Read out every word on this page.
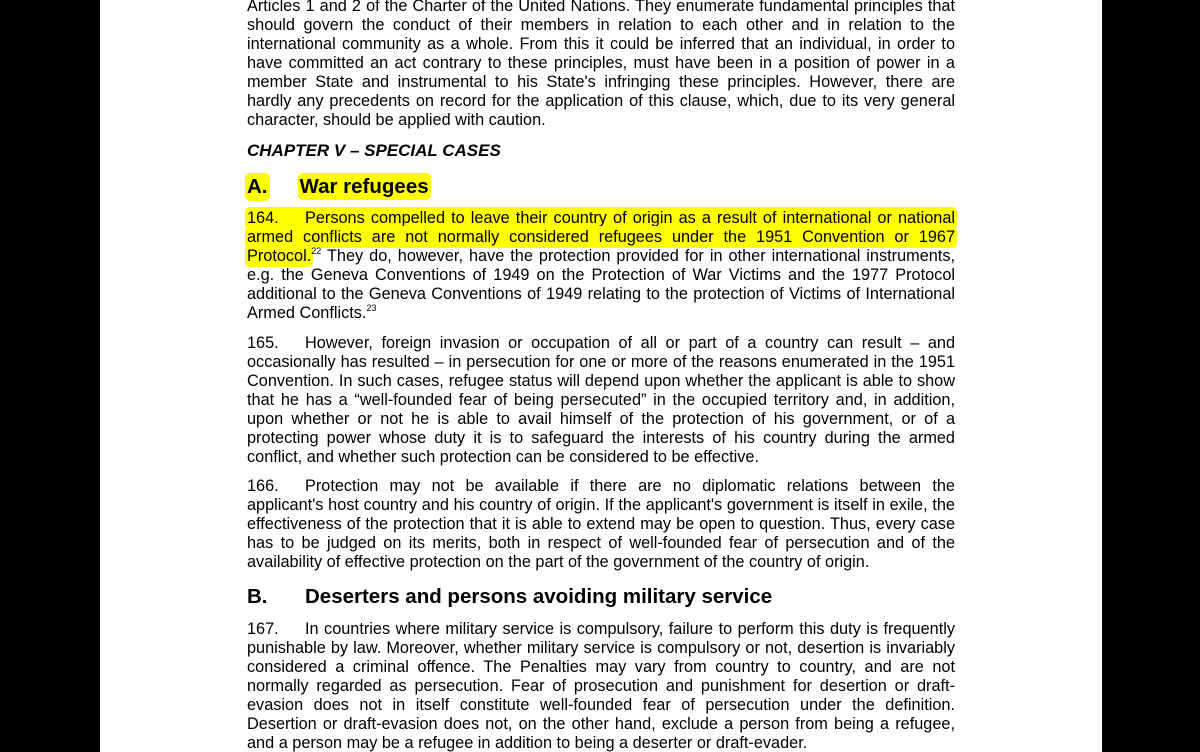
Articles 1 and 2 of the Charter of the United Nations. They enumerate fundamental principles that should govern the conduct of their members in relation to each other and in relation to the international community as a whole. From this it could be inferred that an individual, in order to have committed an act contrary to these principles, must have been in a position of power in a member State and instrumental to his State's infringing these principles. However, there are hardly any precedents on record for the application of this clause, which, due to its very general character, should be applied with caution.

CHAPTER V – SPECIAL CASES

A. War refugees

164. Persons compelled to leave their country of origin as a result of international or national armed conflicts are not normally considered refugees under the 1951 Convention or 1967 Protocol.$^{22}$ They do, however, have the protection provided for in other international instruments, e.g. the Geneva Conventions of 1949 on the Protection of War Victims and the 1977 Protocol additional to the Geneva Conventions of 1949 relating to the protection of Victims of International Armed Conflicts.$^{23}$

165. However, foreign invasion or occupation of all or part of a country can result – and occasionally has resulted – in persecution for one or more of the reasons enumerated in the 1951 Convention. In such cases, refugee status will depend upon whether the applicant is able to show that he has a “well-founded fear of being persecuted” in the occupied territory and, in addition, upon whether or not he is able to avail himself of the protection of his government, or of a protecting power whose duty it is to safeguard the interests of his country during the armed conflict, and whether such protection can be considered to be effective.

166. Protection may not be available if there are no diplomatic relations between the applicant's host country and his country of origin. If the applicant's government is itself in exile, the effectiveness of the protection that it is able to extend may be open to question. Thus, every case has to be judged on its merits, both in respect of well-founded fear of persecution and of the availability of effective protection on the part of the government of the country of origin.

B. Deserters and persons avoiding military service

167. In countries where military service is compulsory, failure to perform this duty is frequently punishable by law. Moreover, whether military service is compulsory or not, desertion is invariably considered a criminal offence. The Penalties may vary from country to country, and are not normally regarded as persecution. Fear of prosecution and punishment for desertion or draft-evasion does not in itself constitute well-founded fear of persecution under the definition. Desertion or draft-evasion does not, on the other hand, exclude a person from being a refugee, and a person may be a refugee in addition to being a deserter or draft-evader.
